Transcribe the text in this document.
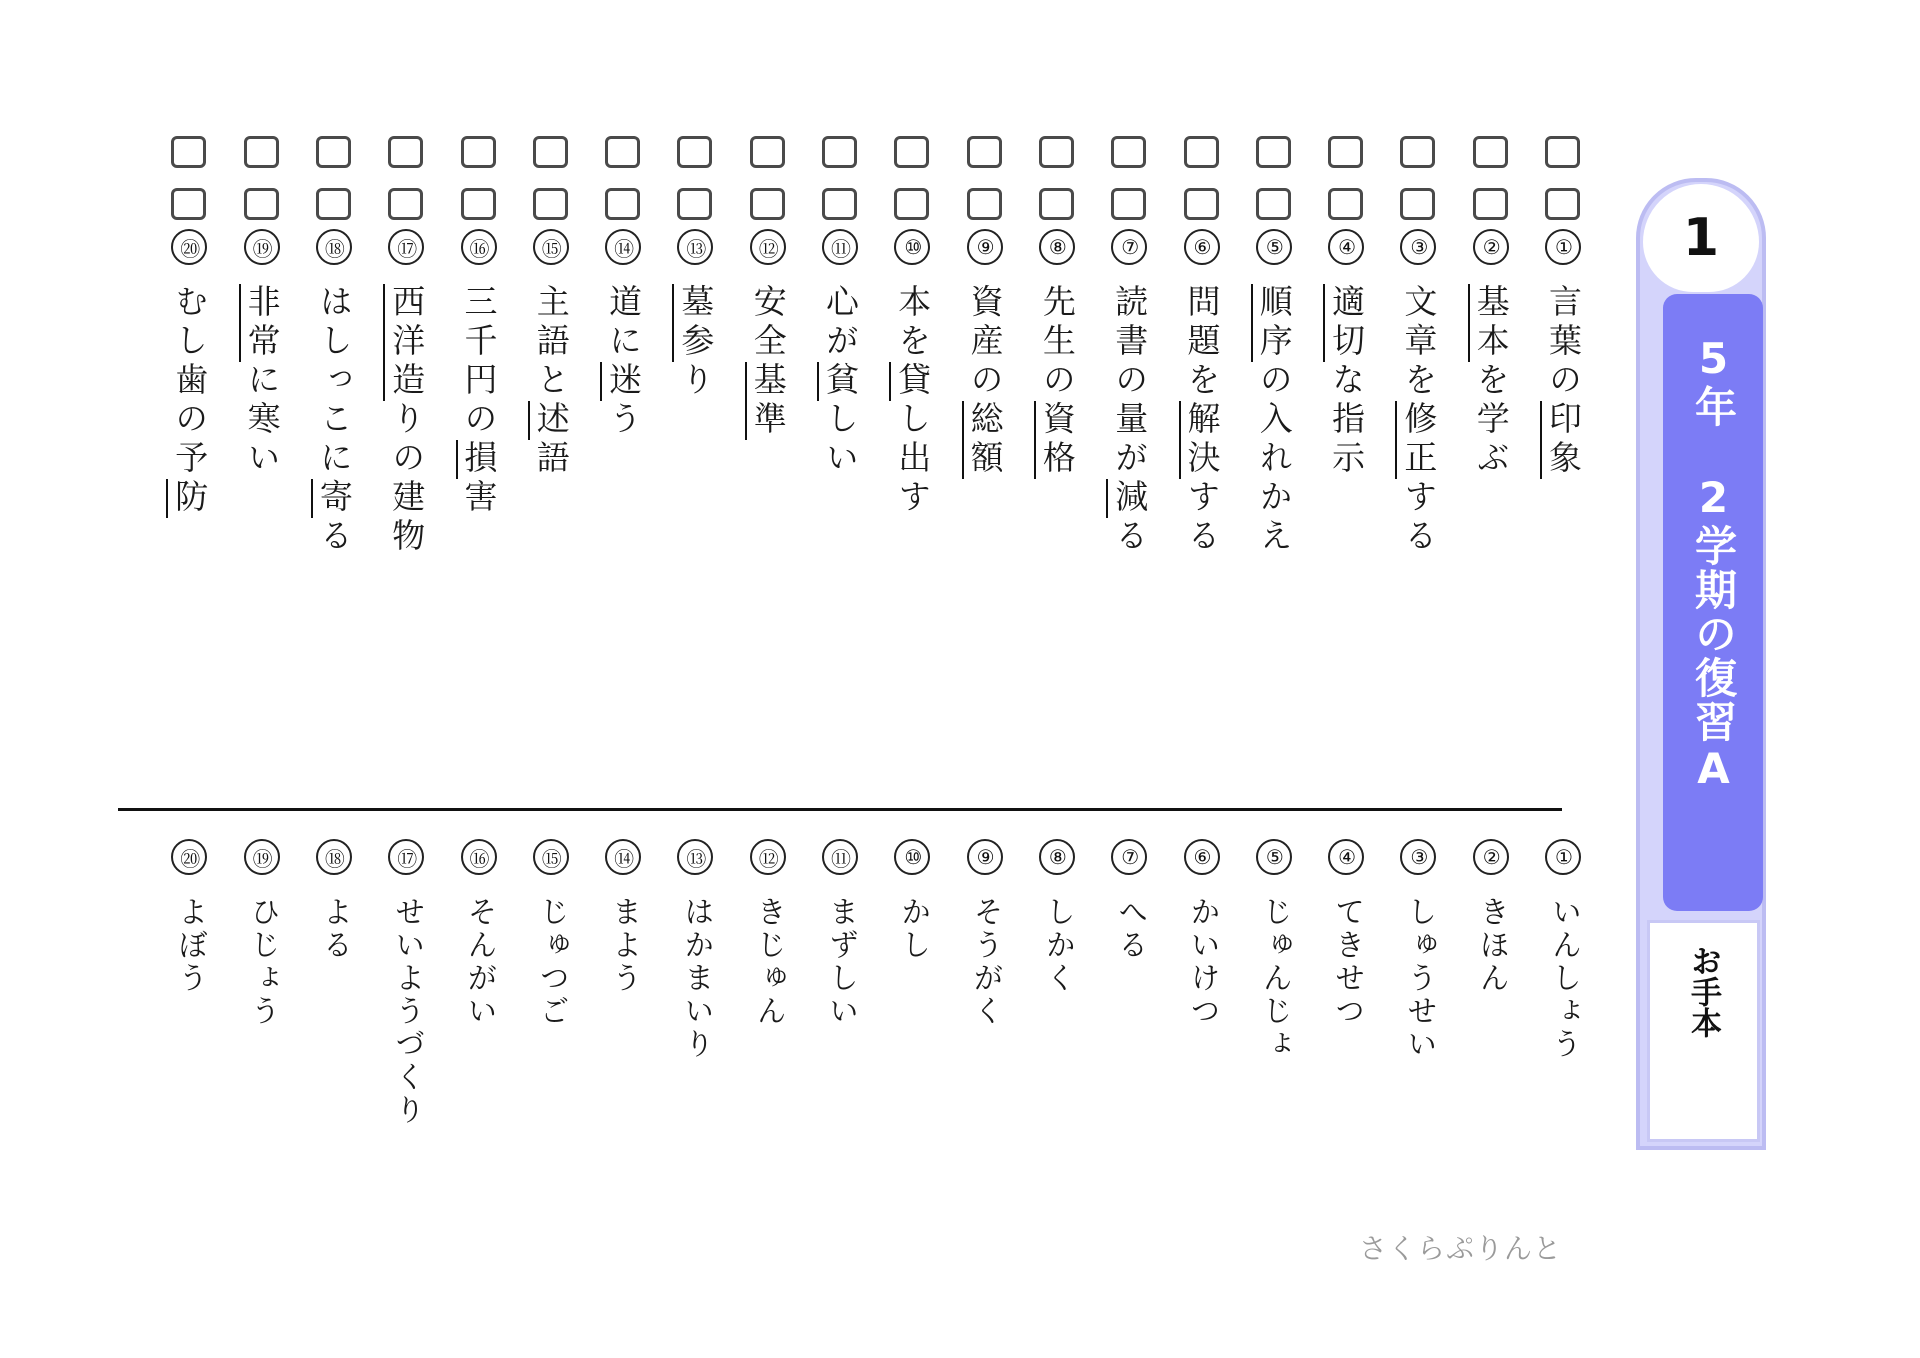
①
言葉の印象
②
基本を学ぶ
③
文章を修正する
④
適切な指示
⑤
順序の入れかえ
⑥
問題を解決する
⑦
読書の量が減る
⑧
先生の資格
⑨
資産の総額
⑩
本を貸し出す
⑪
心が貧しい
⑫
安全基準
⑬
墓参り
⑭
道に迷う
⑮
主語と述語
⑯
三千円の損害
⑰
西洋造りの建物
⑱
はしっこに寄る
⑲
非常に寒い
⑳
むし歯の予防
①
いんしょう
②
きほん
③
しゅうせい
④
てきせつ
⑤
じゅんじょ
⑥
かいけつ
⑦
へる
⑧
しかく
⑨
そうがく
⑩
かし
⑪
まずしい
⑫
きじゅん
⑬
はかまいり
⑭
まよう
⑮
じゅつご
⑯
そんがい
⑰
せいようづくり
⑱
よる
⑲
ひじょう
⑳
よぼう
1
5年　2学期の復習A
お手本
さくらぷりんと
